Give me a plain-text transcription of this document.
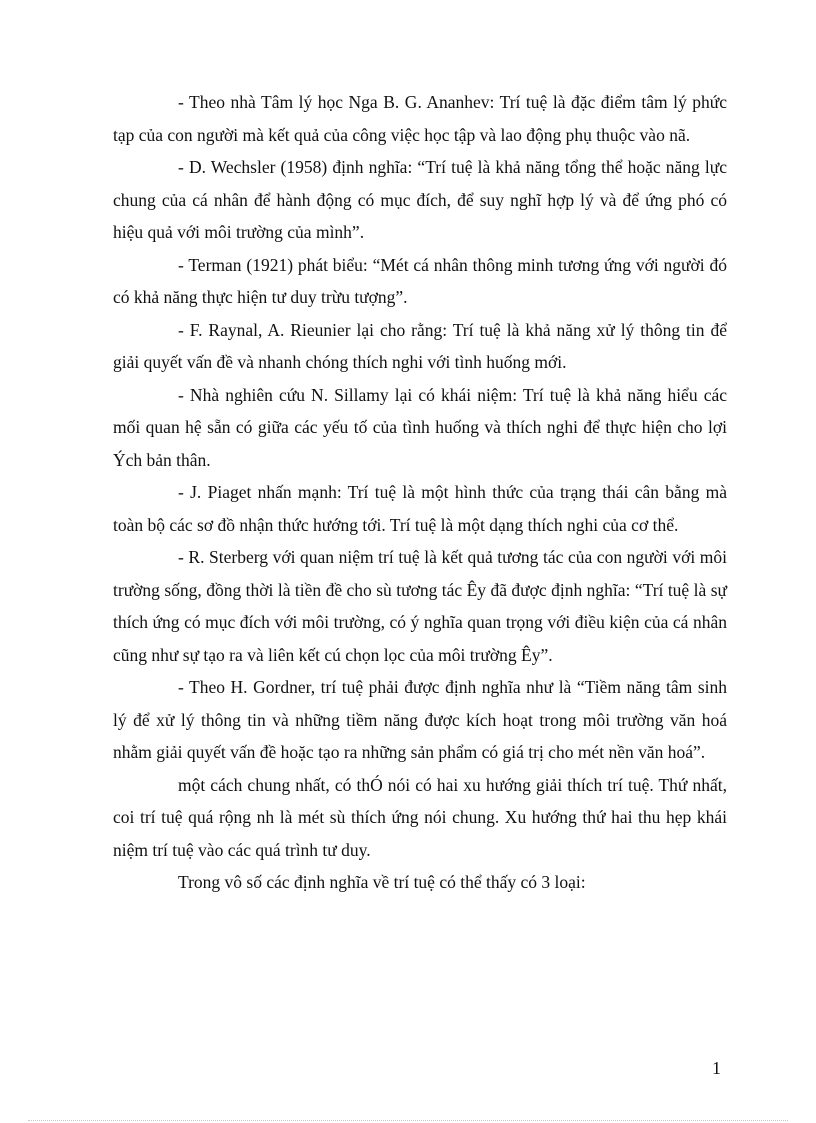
- Theo nhà Tâm lý học Nga B. G. Ananhev: Trí tuệ là đặc điểm tâm lý phức tạp của con người mà kết quả của công việc học tập và lao động phụ thuộc vào nã.

- D. Wechsler (1958) định nghĩa: “Trí tuệ là khả năng tổng thể hoặc năng lực chung của cá nhân để hành động có mục đích, để suy nghĩ hợp lý và để ứng phó có hiệu quả với môi trường của mình”.

- Terman (1921) phát biểu: “Mét cá nhân thông minh tương ứng với người đó có khả năng thực hiện tư duy trừu tượng”.

- F. Raynal, A. Rieunier lại cho rằng: Trí tuệ là khả năng xử lý thông tin để giải quyết vấn đề và nhanh chóng thích nghi với tình huống mới.

- Nhà nghiên cứu N. Sillamy lại có khái niệm: Trí tuệ là khả năng hiểu các mối quan hệ sẵn có giữa các yếu tố của tình huống và thích nghi để thực hiện cho lợi Ých bản thân.

- J. Piaget nhấn mạnh: Trí tuệ là một hình thức của trạng thái cân bằng mà toàn bộ các sơ đồ nhận thức hướng tới. Trí tuệ là một dạng thích nghi của cơ thể.

- R. Sterberg với quan niệm trí tuệ là kết quả tương tác của con người với môi trường sống, đồng thời là tiền đề cho sù tương tác Êy đã được định nghĩa: “Trí tuệ là sự thích ứng có mục đích với môi trường, có ý nghĩa quan trọng với điều kiện của cá nhân cũng như sự tạo ra và liên kết cú chọn lọc của môi trường Êy”.

- Theo H. Gordner, trí tuệ phải được định nghĩa như là “Tiềm năng tâm sinh lý để xử lý thông tin và những tiềm năng được kích hoạt trong môi trường văn hoá nhằm giải quyết vấn đề hoặc tạo ra những sản phẩm có giá trị cho mét nền văn hoá”.

một cách chung nhất, có thÓ nói có hai xu hướng giải thích trí tuệ. Thứ nhất, coi trí tuệ quá rộng nh là mét sù thích ứng nói chung. Xu hướng thứ hai thu hẹp khái niệm trí tuệ vào các quá trình tư duy.

Trong vô số các định nghĩa về trí tuệ có thể thấy có 3 loại:

1
